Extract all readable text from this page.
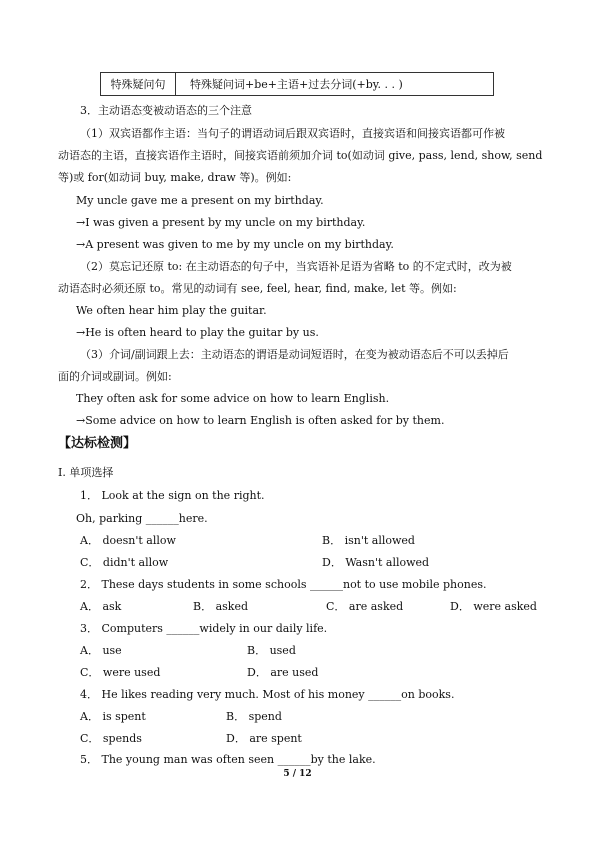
特殊疑问句	特殊疑问词+be+主语+过去分词(+by. . . )
3．主动语态变被动语态的三个注意
（1）双宾语都作主语：当句子的谓语动词后跟双宾语时，直接宾语和间接宾语都可作被
动语态的主语，直接宾语作主语时，间接宾语前须加介词 to(如动词 give, pass, lend, show, send
等)或 for(如动词 buy, make, draw 等)。例如:
My uncle gave me a present on my birthday.
→I was given a present by my uncle on my birthday.
→A present was given to me by my uncle on my birthday.
（2）莫忘记还原 to: 在主动语态的句子中，当宾语补足语为省略 to 的不定式时，改为被
动语态时必须还原 to。常见的动词有 see, feel, hear, find, make, let 等。例如:
We often hear him play the guitar.
→He is often heard to play the guitar by us.
（3）介词/副词跟上去：主动语态的谓语是动词短语时，在变为被动语态后不可以丢掉后
面的介词或副词。例如:
They often ask for some advice on how to learn English.
→Some advice on how to learn English is often asked for by them.
【达标检测】
Ⅰ. 单项选择
1． Look at the sign on the right.
Oh, parking ______here.
A． doesn't allow	B． isn't allowed
C． didn't allow	D． Wasn't allowed
2． These days students in some schools ______not to use mobile phones.
A． ask	B． asked	C． are asked	D． were asked
3． Computers ______widely in our daily life.
A． use	B． used
C． were used	D． are used
4． He likes reading very much. Most of his money ______on books.
A． is spent	B． spend
C． spends	D． are spent
5． The young man was often seen ______by the lake.
5 / 12
